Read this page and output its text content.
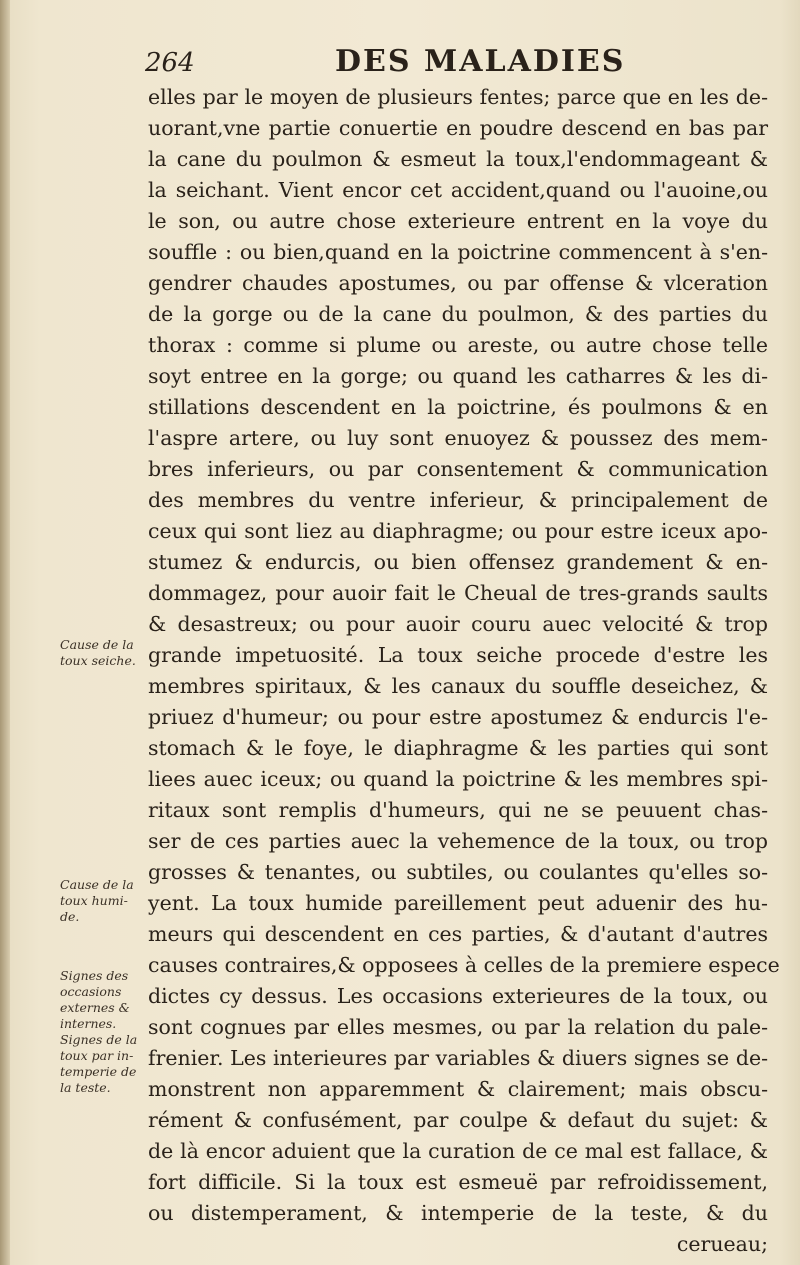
264	DES MALADIES
elles par le moyen de plusieurs fentes; parce que en les de-
uorant,vne partie conuertie en poudre descend en bas par
la cane du poulmon & esmeut la toux,l'endommageant &
la seichant. Vient encor cet accident,quand ou l'auoine,ou
le son, ou autre chose exterieure entrent en la voye du
souffle : ou bien,quand en la poictrine commencent à s'en-
gendrer chaudes apostumes, ou par offense & vlceration
de la gorge ou de la cane du poulmon, & des parties du
thorax : comme si plume ou areste, ou autre chose telle
soyt entree en la gorge; ou quand les catharres & les di-
stillations descendent en la poictrine, és poulmons & en
l'aspre artere, ou luy sont enuoyez & poussez des mem-
bres inferieurs, ou par consentement & communication
des membres du ventre inferieur, & principalement de
ceux qui sont liez au diaphragme; ou pour estre iceux apo-
stumez & endurcis, ou bien offensez grandement & en-
dommagez, pour auoir fait le Cheual de tres-grands saults
& desastreux; ou pour auoir couru auec velocité & trop
grande impetuosité. La toux seiche procede d'estre les
membres spiritaux, & les canaux du souffle deseichez, &
priuez d'humeur; ou pour estre apostumez & endurcis l'e-
stomach & le foye, le diaphragme & les parties qui sont
liees auec iceux; ou quand la poictrine & les membres spi-
ritaux sont remplis d'humeurs, qui ne se peuuent chas-
ser de ces parties auec la vehemence de la toux, ou trop
grosses & tenantes, ou subtiles, ou coulantes qu'elles so-
yent. La toux humide pareillement peut aduenir des hu-
meurs qui descendent en ces parties, & d'autant d'autres
causes contraires,& opposees à celles de la premiere espece
dictes cy dessus. Les occasions exterieures de la toux, ou
sont cognues par elles mesmes, ou par la relation du pale-
frenier. Les interieures par variables & diuers signes se de-
monstrent non apparemment & clairement; mais obscu-
rément & confusément, par coulpe & defaut du sujet: &
de là encor aduient que la curation de ce mal est fallace, &
fort difficile. Si la toux est esmeuë par refroidissement,
ou distemperament, & intemperie de la teste, & du
cerueau;
Cause de la
toux seiche.
Cause de la
toux humi-
de.
Signes des
occasions
externes &
internes.
Signes de la
toux par in-
temperie de
la teste.
